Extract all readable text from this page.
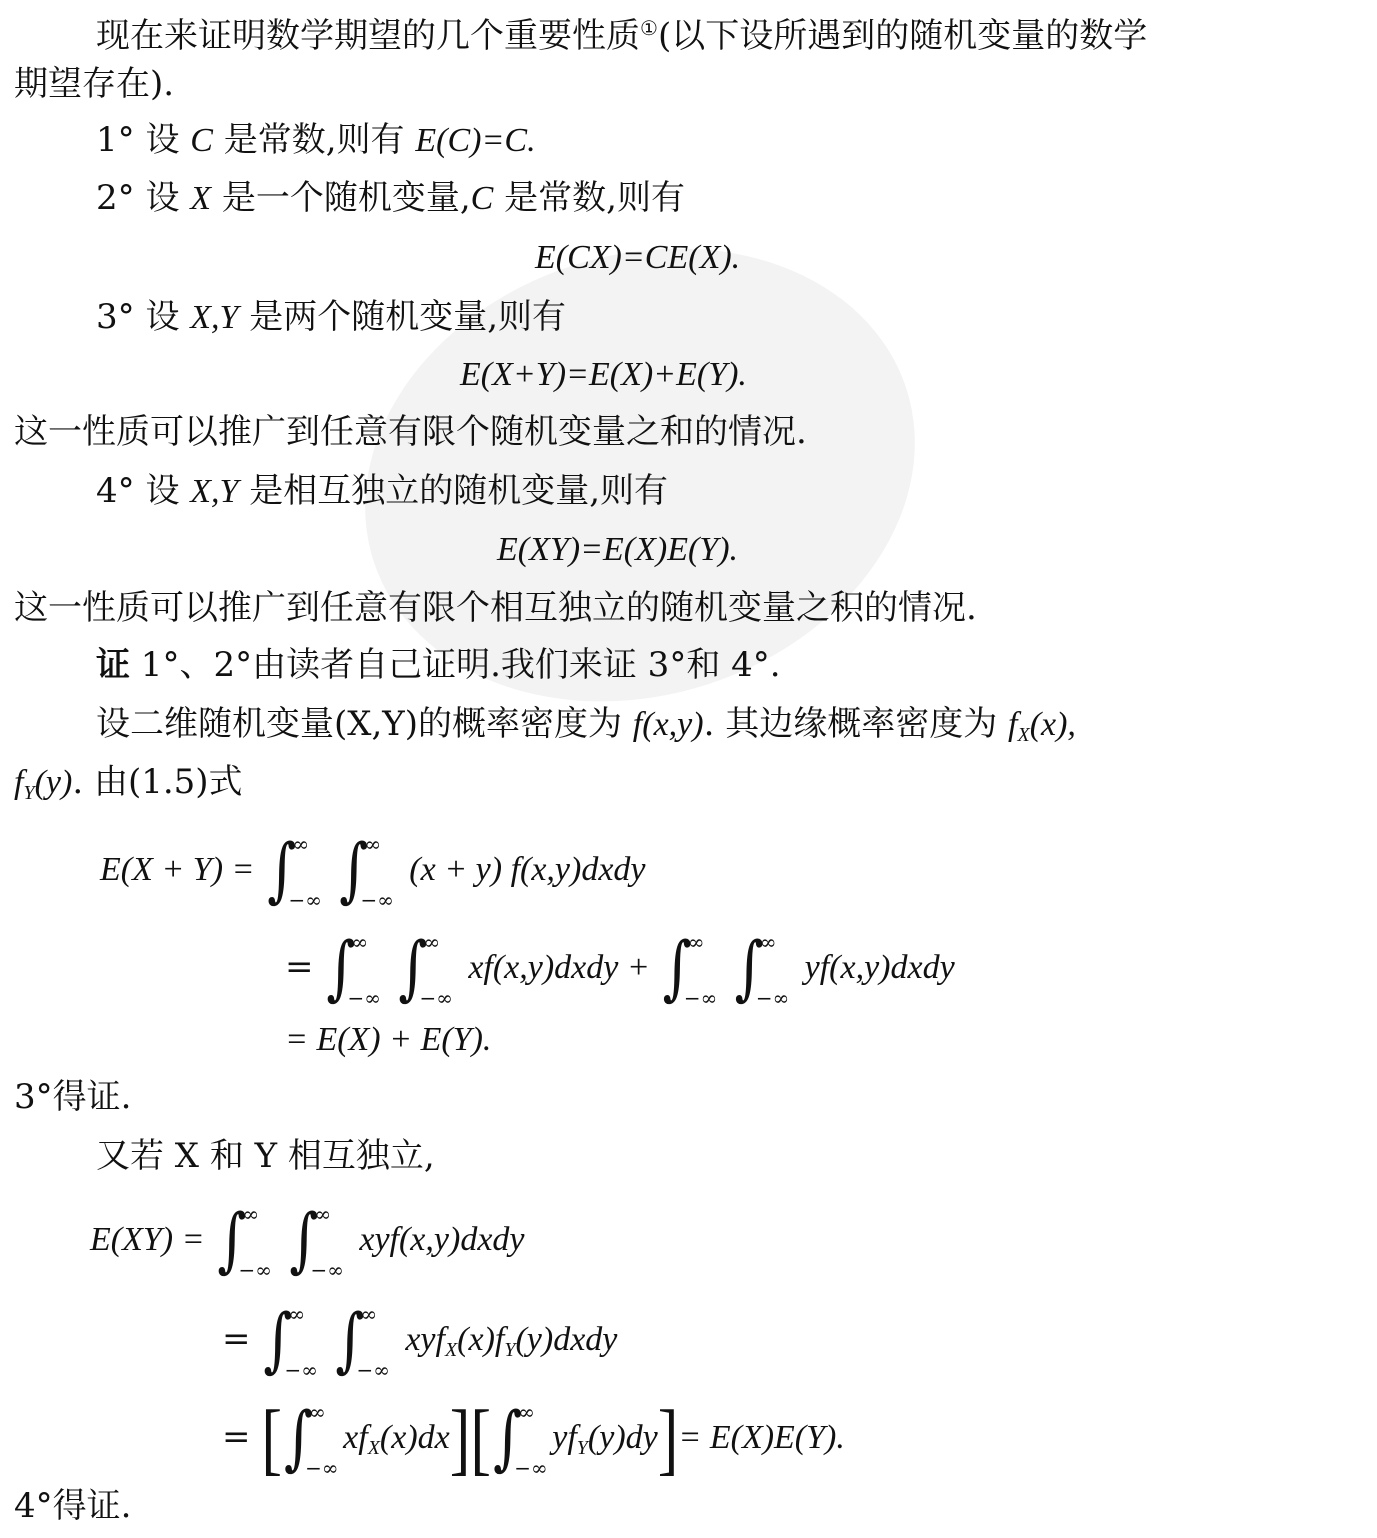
现在来证明数学期望的几个重要性质①(以下设所遇到的随机变量的数学
期望存在).
1° 设 C 是常数,则有 E(C)=C.
2° 设 X 是一个随机变量,C 是常数,则有
E(CX)=CE(X).
3° 设 X,Y 是两个随机变量,则有
E(X+Y)=E(X)+E(Y).
这一性质可以推广到任意有限个随机变量之和的情况.
4° 设 X,Y 是相互独立的随机变量,则有
E(XY)=E(X)E(Y).
这一性质可以推广到任意有限个相互独立的随机变量之积的情况.
证 1°、2°由读者自己证明.我们来证 3°和 4°.
设二维随机变量(X,Y)的概率密度为 f(x,y). 其边缘概率密度为 $f_X(x)$,
$f_Y(y)$. 由(1.5)式
E(X + Y) = ∫
∞
−∞ ∫
∞
−∞
(x + y) f(x,y)dxdy
= ∫
∞
−∞ ∫
∞
−∞
xf(x,y)dxdy + ∫
∞
−∞ ∫
∞
−∞
yf(x,y)dxdy
= E(X) + E(Y).
3°得证.
又若 X 和 Y 相互独立,
E(XY) = ∫
∞
−∞ ∫
∞
−∞
xyf(x,y)dxdy
= ∫
∞
−∞ ∫
∞
−∞
$xyf_X(x)f_Y(y)dxdy$
= [∫
∞
−∞
$xf_X(x)dx][\int$
∞
−∞
$yf_Y(y)dy]= E(X)E(Y)$.
4°得证.
